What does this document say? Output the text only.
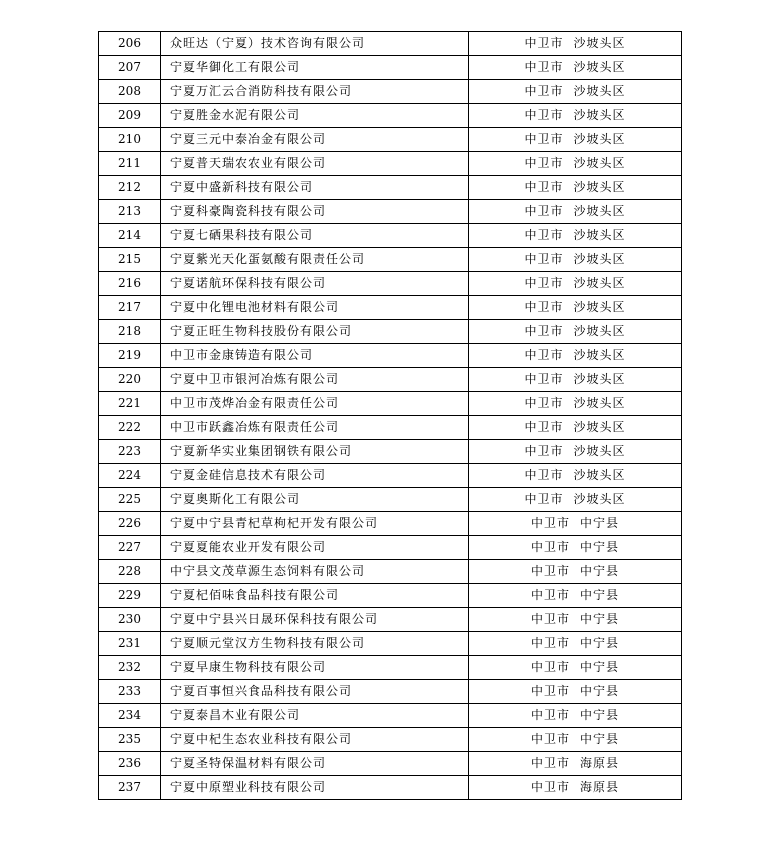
206	众旺达（宁夏）技术咨询有限公司	中卫市 沙坡头区
207	宁夏华御化工有限公司	中卫市 沙坡头区
208	宁夏万汇云合消防科技有限公司	中卫市 沙坡头区
209	宁夏胜金水泥有限公司	中卫市 沙坡头区
210	宁夏三元中泰冶金有限公司	中卫市 沙坡头区
211	宁夏普天瑞农农业有限公司	中卫市 沙坡头区
212	宁夏中盛新科技有限公司	中卫市 沙坡头区
213	宁夏科豪陶瓷科技有限公司	中卫市 沙坡头区
214	宁夏七硒果科技有限公司	中卫市 沙坡头区
215	宁夏紫光天化蛋氨酸有限责任公司	中卫市 沙坡头区
216	宁夏诺航环保科技有限公司	中卫市 沙坡头区
217	宁夏中化锂电池材料有限公司	中卫市 沙坡头区
218	宁夏正旺生物科技股份有限公司	中卫市 沙坡头区
219	中卫市金康铸造有限公司	中卫市 沙坡头区
220	宁夏中卫市银河冶炼有限公司	中卫市 沙坡头区
221	中卫市茂烨冶金有限责任公司	中卫市 沙坡头区
222	中卫市跃鑫冶炼有限责任公司	中卫市 沙坡头区
223	宁夏新华实业集团钢铁有限公司	中卫市 沙坡头区
224	宁夏金硅信息技术有限公司	中卫市 沙坡头区
225	宁夏奥斯化工有限公司	中卫市 沙坡头区
226	宁夏中宁县青杞草枸杞开发有限公司	中卫市 中宁县
227	宁夏夏能农业开发有限公司	中卫市 中宁县
228	中宁县文茂草源生态饲料有限公司	中卫市 中宁县
229	宁夏杞佰味食品科技有限公司	中卫市 中宁县
230	宁夏中宁县兴日晟环保科技有限公司	中卫市 中宁县
231	宁夏顺元堂汉方生物科技有限公司	中卫市 中宁县
232	宁夏早康生物科技有限公司	中卫市 中宁县
233	宁夏百事恒兴食品科技有限公司	中卫市 中宁县
234	宁夏泰昌木业有限公司	中卫市 中宁县
235	宁夏中杞生态农业科技有限公司	中卫市 中宁县
236	宁夏圣特保温材料有限公司	中卫市 海原县
237	宁夏中原塑业科技有限公司	中卫市 海原县
